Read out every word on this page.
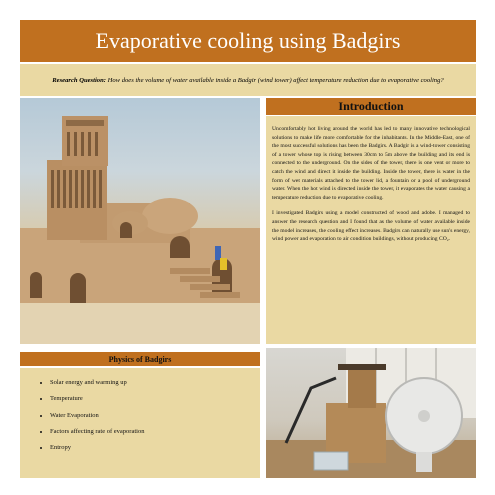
Evaporative cooling using Badgirs
Research Question: How does the volume of water available inside a Badgir (wind tower) affect temperature reduction due to evaporative cooling?
Introduction

Uncomfortably hot living around the world has led to many innovative technological solutions to make life more comfortable for the inhabitants. In the Middle-East, one of the most successful solutions has been the Badgirs. A Badgir is a wind-tower consisting of a tower whose top is rising between 30cm to 5m above the building and its end is connected to the underground. On the sides of the tower, there is one vent or more to catch the wind and direct it inside the building. Inside the tower, there is water in the form of wet materials attached to the tower lid, a fountain or a pool of underground water. When the hot wind is directed inside the tower, it evaporates the water causing a temperature reduction due to evaporative cooling.

I investigated Badgirs using a model constructed of wood and adobe. I managed to answer the research question and I found that as the volume of water available inside the model increases, the cooling effect increases. Badgirs can naturally use sun's energy, wind power and evaporation to air condition buildings, without producing CO₂.

Physics of Badgirs
• Solar energy and warming up
• Temperature
• Water Evaporation
• Factors affecting rate of evaporation
• Entropy
